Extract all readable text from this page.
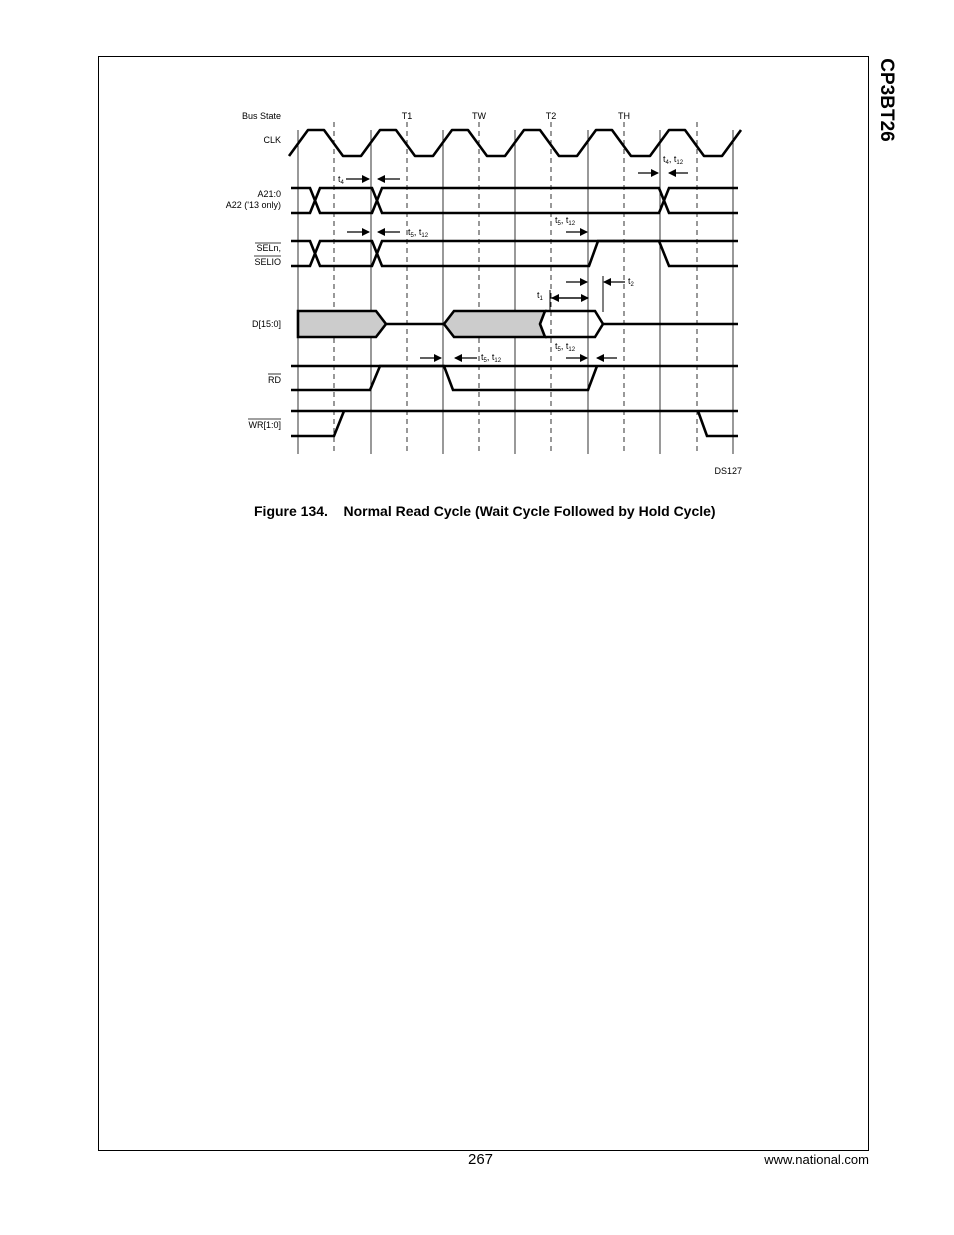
CP3BT26
Bus State
CLK
A21:0
A22 ('13 only)
SELn,
SELIO
D[15:0]
RD
WR[1:0]
T1	TW	T2	TH
$t_4$
$t_5$, $t_{12}$
$t_5$, $t_{12}$
$t_4$, $t_{12}$
$t_2$
$t_1$
$t_5$, $t_{12}$
$t_5$, $t_{12}$
DS127
Figure 134.    Normal Read Cycle (Wait Cycle Followed by Hold Cycle)
267	www.national.com
